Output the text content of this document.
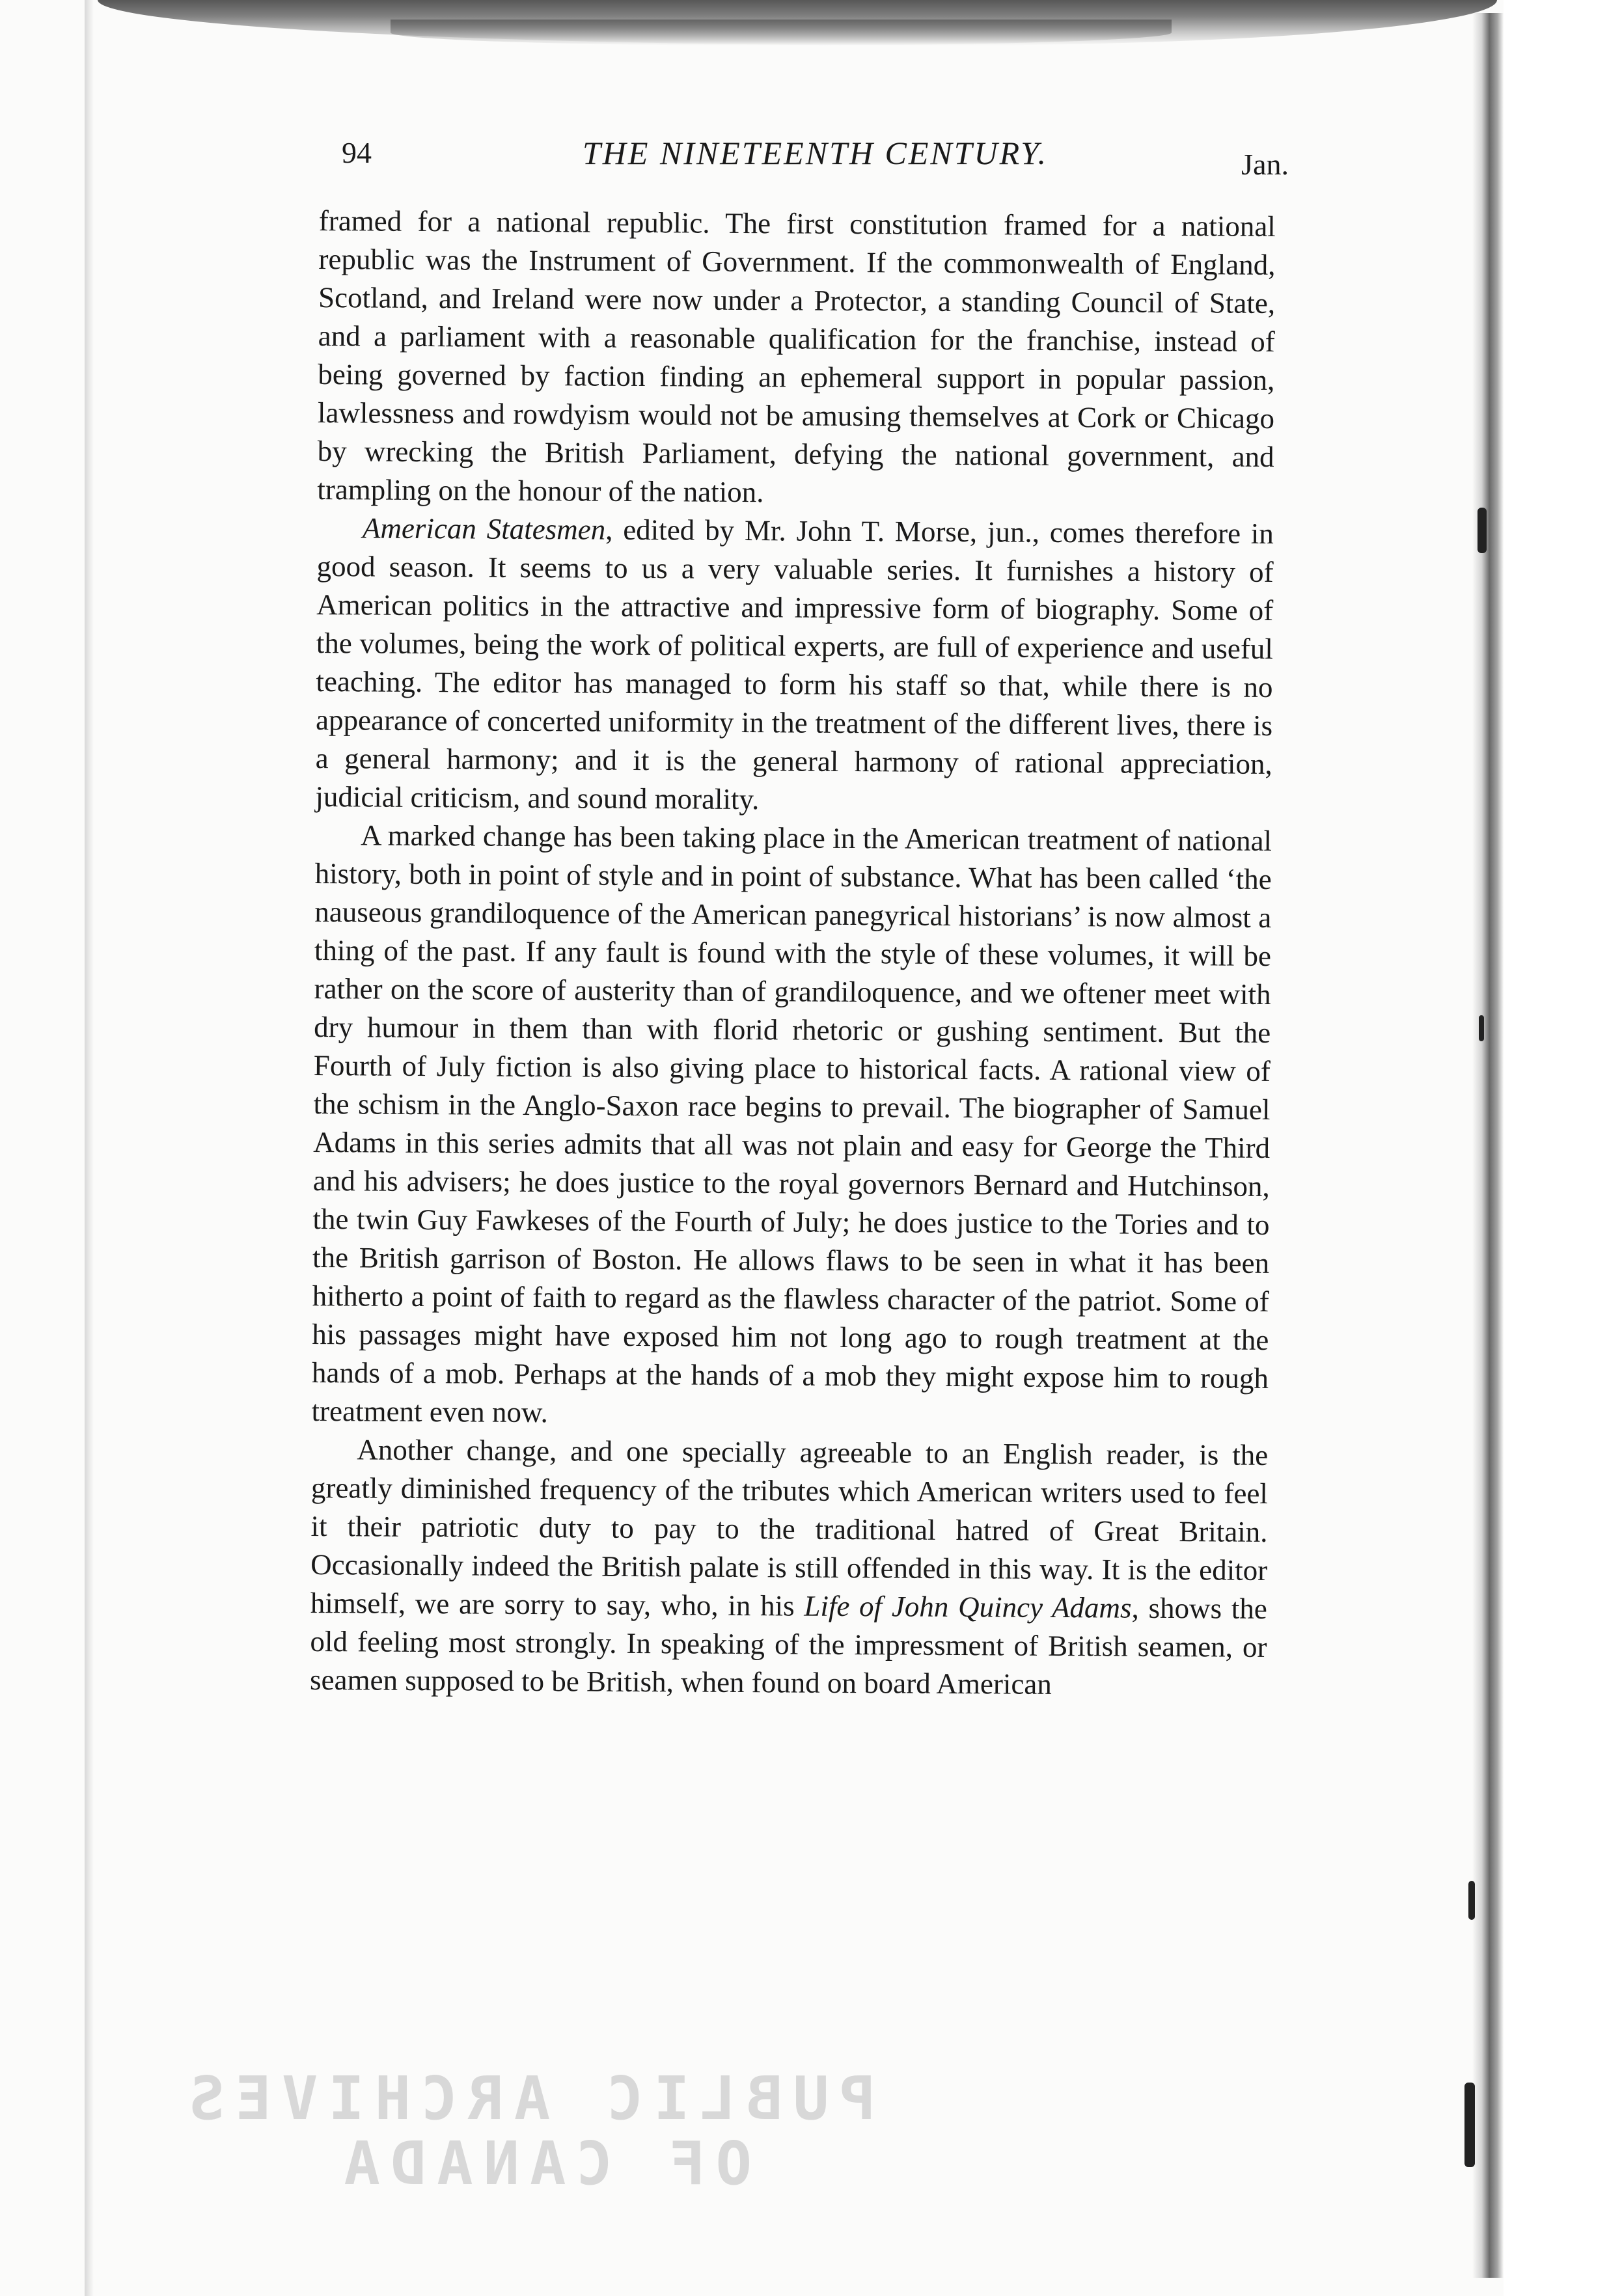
94	THE NINETEENTH CENTURY.	Jan.

framed for a national republic. The first constitution framed for a national republic was the Instrument of Government. If the commonwealth of England, Scotland, and Ireland were now under a Protector, a standing Council of State, and a parliament with a reasonable qualification for the franchise, instead of being governed by faction finding an ephemeral support in popular passion, lawlessness and rowdyism would not be amusing themselves at Cork or Chicago by wrecking the British Parliament, defying the national government, and trampling on the honour of the nation.

American Statesmen, edited by Mr. John T. Morse, jun., comes therefore in good season. It seems to us a very valuable series. It furnishes a history of American politics in the attractive and impressive form of biography. Some of the volumes, being the work of political experts, are full of experience and useful teaching. The editor has managed to form his staff so that, while there is no appearance of concerted uniformity in the treatment of the different lives, there is a general harmony; and it is the general harmony of rational appreciation, judicial criticism, and sound morality.

A marked change has been taking place in the American treatment of national history, both in point of style and in point of substance. What has been called ‘the nauseous grandiloquence of the American panegyrical historians’ is now almost a thing of the past. If any fault is found with the style of these volumes, it will be rather on the score of austerity than of grandiloquence, and we oftener meet with dry humour in them than with florid rhetoric or gushing sentiment. But the Fourth of July fiction is also giving place to historical facts. A rational view of the schism in the Anglo-Saxon race begins to prevail. The biographer of Samuel Adams in this series admits that all was not plain and easy for George the Third and his advisers; he does justice to the royal governors Bernard and Hutchinson, the twin Guy Fawkeses of the Fourth of July; he does justice to the Tories and to the British garrison of Boston. He allows flaws to be seen in what it has been hitherto a point of faith to regard as the flawless character of the patriot. Some of his passages might have exposed him not long ago to rough treatment at the hands of a mob. Perhaps at the hands of a mob they might expose him to rough treatment even now.

Another change, and one specially agreeable to an English reader, is the greatly diminished frequency of the tributes which American writers used to feel it their patriotic duty to pay to the traditional hatred of Great Britain. Occasionally indeed the British palate is still offended in this way. It is the editor himself, we are sorry to say, who, in his Life of John Quincy Adams, shows the old feeling most strongly. In speaking of the impressment of British seamen, or seamen supposed to be British, when found on board American

PUBLIC ARCHIVES
OF CANADA
